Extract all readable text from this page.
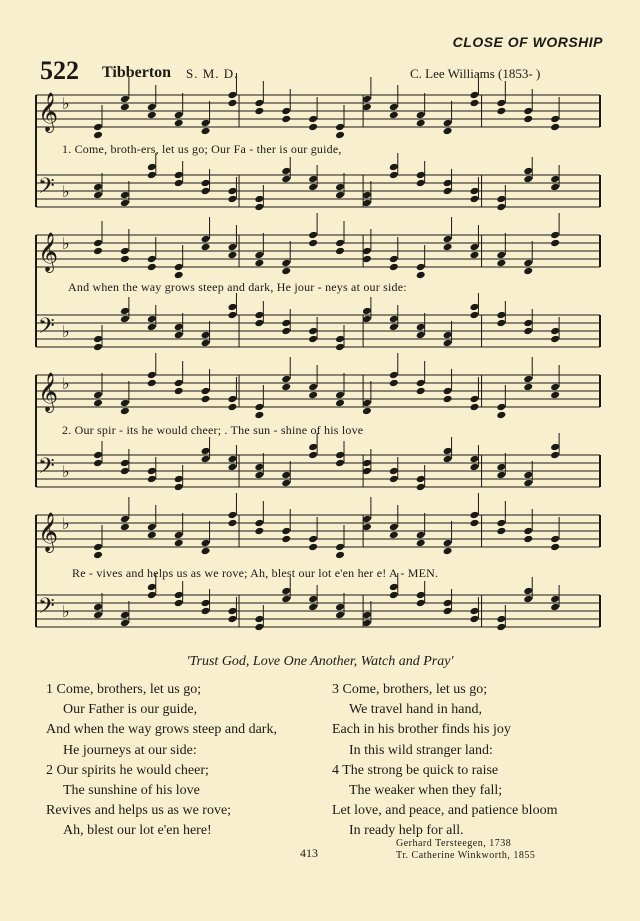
CLOSE OF WORSHIP
522 Tibberton S. M. D.	C. Lee Williams (1853- )
𝄞 ♭
𝄢 ♭
𝄞 ♭
𝄢 ♭
𝄞 ♭
𝄢 ♭
𝄞 ♭
𝄢 ♭
1. Come, broth-ers, let us go; Our Fa - ther is our guide,
And when the way grows steep and dark, He jour - neys at our side:
2. Our spir - its he would cheer; . The sun - shine of his love
Re - vives and helps us as we rove; Ah, blest our lot e'en her e! A - MEN.
'Trust God, Love One Another, Watch and Pray'
1 Come, brothers, let us go;
Our Father is our guide,
And when the way grows steep and dark,
He journeys at our side:
2 Our spirits he would cheer;
The sunshine of his love
Revives and helps us as we rove;
Ah, blest our lot e'en here!
3 Come, brothers, let us go;
We travel hand in hand,
Each in his brother finds his joy
In this wild stranger land:
4 The strong be quick to raise
The weaker when they fall;
Let love, and peace, and patience bloom
In ready help for all.
413
Gerhard Tersteegen, 1738
Tr. Catherine Winkworth, 1855
